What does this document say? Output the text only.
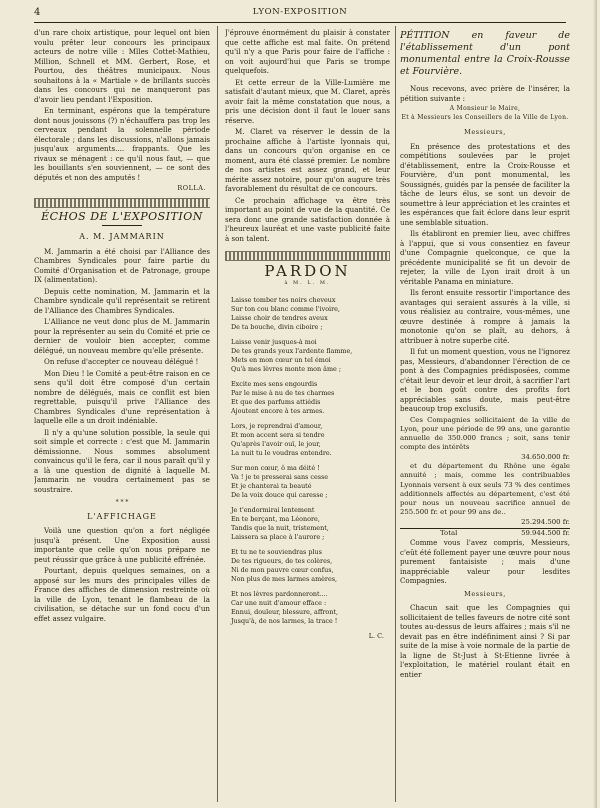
4	LYON-EXPOSITION

d'un rare choix artistique, pour lequel ont bien voulu prêter leur concours les principaux acteurs de notre ville : Mlles Cottet-Mathieu, Million, Schnell et MM. Gerbert, Rose, et Pourtou, des théâtres municipaux. Nous souhaitons à la « Martiale » de brillants succès dans les concours qui ne manqueront pas d'avoir lieu pendant l'Exposition.

En terminant, espérons que la température dont nous jouissons (?) n'échauffera pas trop les cerveaux pendant la solennelle période électorale ; dans les discussions, n'allons jamais jusqu'aux arguments.... frappants. Que les rivaux se ménagent : ce qu'il nous faut, — que les bouillants s'en souviennent, — ce sont des députés et non des amputés !

ROLLA.
ÉCHOS DE L'EXPOSITION
A. M. JAMMARIN

M. Jammarin a été choisi par l'Alliance des Chambres Syndicales pour faire partie du Comité d'Organisation et de Patronage, groupe IX (alimentation).

Depuis cette nomination, M. Jammarin et la Chambre syndicale qu'il représentait se retirent de l'Alliance des Chambres Syndicales.

L'Alliance ne veut donc plus de M. Jammarin pour la représenter au sein du Comité et prie ce dernier de vouloir bien accepter, comme délégué, un nouveau membre qu'elle présente.

On refuse d'accepter ce nouveau délégué !

Mon Dieu ! le Comité a peut-être raison en ce sens qu'il doit être composé d'un certain nombre de délégués, mais ce conflit est bien regrettable, puisqu'il prive l'Alliance des Chambres Syndicales d'une représentation à laquelle elle a un droit indéniable.

Il n'y a qu'une solution possible, la seule qui soit simple et correcte : c'est que M. Jammarin démissionne. Nous sommes absolument convaincus qu'il le fera, car il nous paraît qu'il y a là une question de dignité à laquelle M. Jammarin ne voudra certainement pas se soustraire.

* * *
L'AFFICHAGE

Voilà une question qu'on a fort négligée jusqu'à présent. Une Exposition aussi importante que celle qu'on nous prépare ne peut réussir que grâce à une publicité effrénée.

Pourtant, depuis quelques semaines, on a apposé sur les murs des principales villes de France des affiches de dimension restreinte où la ville de Lyon, tenant le flambeau de la civilisation, se détache sur un fond cocu d'un effet assez vulgaire.

J'éprouve énormément du plaisir à constater que cette affiche est mal faite. On prétend qu'il n'y a que Paris pour faire de l'affiche : on voit aujourd'hui que Paris se trompe quelquefois.

Et cette erreur de la Ville-Lumière me satisfait d'autant mieux, que M. Claret, après avoir fait la même constatation que nous, a pris une décision dont il faut le louer sans réserve.

M. Claret va réserver le dessin de la prochaine affiche à l'artiste lyonnais qui, dans un concours qu'on organise en ce moment, aura été classé premier. Le nombre de nos artistes est assez grand, et leur mérite assez notoire, pour qu'on augure très favorablement du résultat de ce concours.

Ce prochain affichage va être très important au point de vue de la quantité. Ce sera donc une grande satisfaction donnée à l'heureux lauréat et une vaste publicité faite à son talent.

PARDON
à M. L. M.
Laisse tomber tes noirs cheveux
Sur ton cou blanc comme l'ivoire,
Laisse choir de tendres aveux
De ta bouche, divin ciboire ;
Laisse venir jusques-à moi
De tes grands yeux l'ardente flamme,
Mets en mon cœur un tel émoi
Qu'à mes lèvres monte mon âme ;
Excite mes sens engourdis
Par le mise à nu de tes charmes
Et que des parfums attiédis
Ajoutent encore à tes armes.
Lors, je reprendrai d'amour,
Et mon accent sera si tendre
Qu'après l'avoir ouï, le jour,
La nuit tu le voudras entendre.
Sur mon cœur, ô ma déité !
Va ! je te presserai sans cesse
Et je chanterai ta beauté
De la voix douce qui caresse ;
Je t'endormirai lentement
En te berçant, ma Léonore,
Tandis que la nuit, tristement,
Laissera sa place à l'aurore ;
Et tu ne te souviendras plus
De tes rigueurs, de tes colères,
Ni de mon pauvre cœur confus,
Non plus de mes larmes amères,
Et nos lèvres pardonneront....
Car une nuit d'amour efface :
Ennui, douleur, blessure, affront,
Jusqu'à, de nos larmes, la trace !
L. C.
PÉTITION en faveur de l'établissement d'un pont monumental entre la Croix-Rousse et Fourvière.

Nous recevons, avec prière de l'insérer, la pétition suivante :

A Monsieur le Maire,
Et à Messieurs les Conseillers de la Ville de Lyon.

Messieurs,

En présence des protestations et des compétitions soulevées par le projet d'établissement, entre la Croix-Rousse et Fourvière, d'un pont monumental, les Soussignés, guidés par la pensée de faciliter la tâche de leurs élus, se sont un devoir de soumettre à leur appréciation et les craintes et les espérances que fait éclore dans leur esprit une semblable situation.

Ils établiront en premier lieu, avec chiffres à l'appui, que si vous consentiez en faveur d'une Compagnie quelconque, ce que la précédente municipalité se fit un devoir de rejeter, la ville de Lyon irait droit à un véritable Panama en miniature.

Ils feront ensuite ressortir l'importance des avantages qui seraient assurés à la ville, si vous réalisiez au contraire, vous-mêmes, une œuvre destinée à rompre à jamais la monotonie qu'on se plaît, au dehors, à attribuer à notre superbe cité.

Il fut un moment question, vous ne l'ignorez pas, Messieurs, d'abandonner l'érection de ce pont à des Compagnies prédisposées, comme c'était leur devoir et leur droit, à sacrifier l'art et le bon goût contre des profits fort appréciables sans doute, mais peut-être beaucoup trop exclusifs.

Ces Compagnies sollicitaient de la ville de Lyon, pour une période de 99 ans, une garantie annuelle de 350.000 francs ; soit, sans tenir compte des intérêts

34.650.000 fr.

et du département du Rhône une égale annuité ; mais, comme les contribuables Lyonnais versent à eux seuls 73 % des centimes additionnels affectés au département, c'est été pour nous un nouveau sacrifice annuel de 255.500 fr. et pour 99 ans de..

25.294.500 fr.
Total	59.944.500 fr.

Comme vous l'avez compris, Messieurs, c'eût été follement payer une œuvre pour nous purement fantaisiste ; mais d'une inappréciable valeur pour lesdites Compagnies.

Messieurs,

Chacun sait que les Compagnies qui sollicitaient de telles faveurs de notre cité sont toutes au-dessus de leurs affaires ; mais s'il ne devait pas en être indéfiniment ainsi ? Si par suite de la mise à voie normale de la partie de la ligne de St-Just à St-Etienne livrée à l'exploitation, le matériel roulant était en entier
